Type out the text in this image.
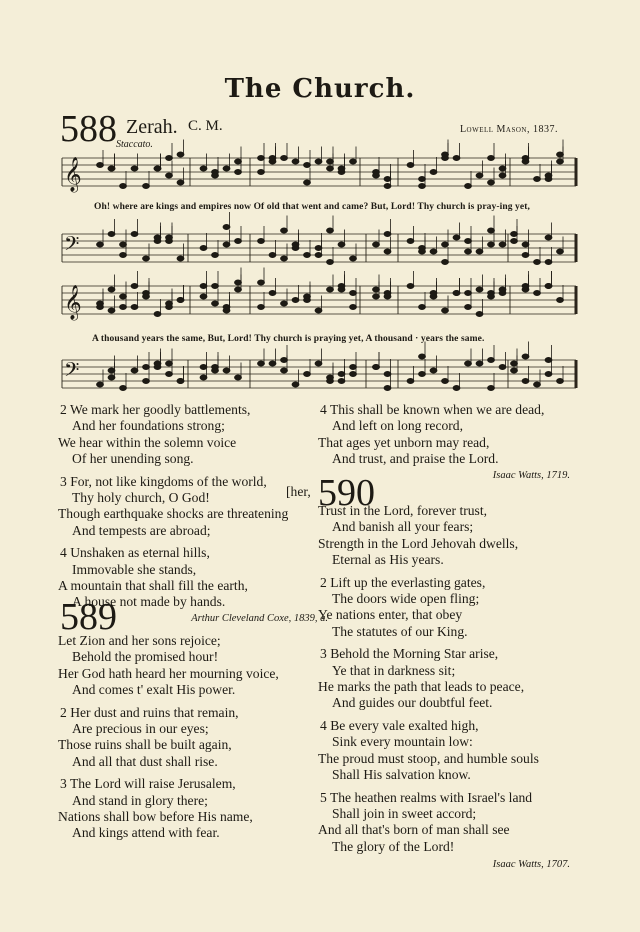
The Church.
588 Zerah. C. M.	Lowell Mason, 1837.
Staccato.
𝄞
𝄢
𝄞
𝄢
Oh! where are kings and empires now Of old that went and came? But, Lord! Thy church is pray-ing yet,
A thousand years the same, But, Lord! Thy church is praying yet, A thousand · years the same.
2 We mark her goodly battlements,
And her foundations strong;
We hear within the solemn voice
Of her unending song.
3 For, not like kingdoms of the world,
Thy holy church, O God!
Though earthquake shocks are threatening
And tempests are abroad;
4 Unshaken as eternal hills,
Immovable she stands,
A mountain that shall fill the earth,
A house not made by hands.
Arthur Cleveland Coxe, 1839, a.
[her,
589
Let Zion and her sons rejoice;
Behold the promised hour!
Her God hath heard her mourning voice,
And comes t' exalt His power.
2 Her dust and ruins that remain,
Are precious in our eyes;
Those ruins shall be built again,
And all that dust shall rise.
3 The Lord will raise Jerusalem,
And stand in glory there;
Nations shall bow before His name,
And kings attend with fear.
4 This shall be known when we are dead,
And left on long record,
That ages yet unborn may read,
And trust, and praise the Lord.
Isaac Watts, 1719.
590
Trust in the Lord, forever trust,
And banish all your fears;
Strength in the Lord Jehovah dwells,
Eternal as His years.
2 Lift up the everlasting gates,
The doors wide open fling;
Ye nations enter, that obey
The statutes of our King.
3 Behold the Morning Star arise,
Ye that in darkness sit;
He marks the path that leads to peace,
And guides our doubtful feet.
4 Be every vale exalted high,
Sink every mountain low:
The proud must stoop, and humble souls
Shall His salvation know.
5 The heathen realms with Israel's land
Shall join in sweet accord;
And all that's born of man shall see
The glory of the Lord!
Isaac Watts, 1707.
